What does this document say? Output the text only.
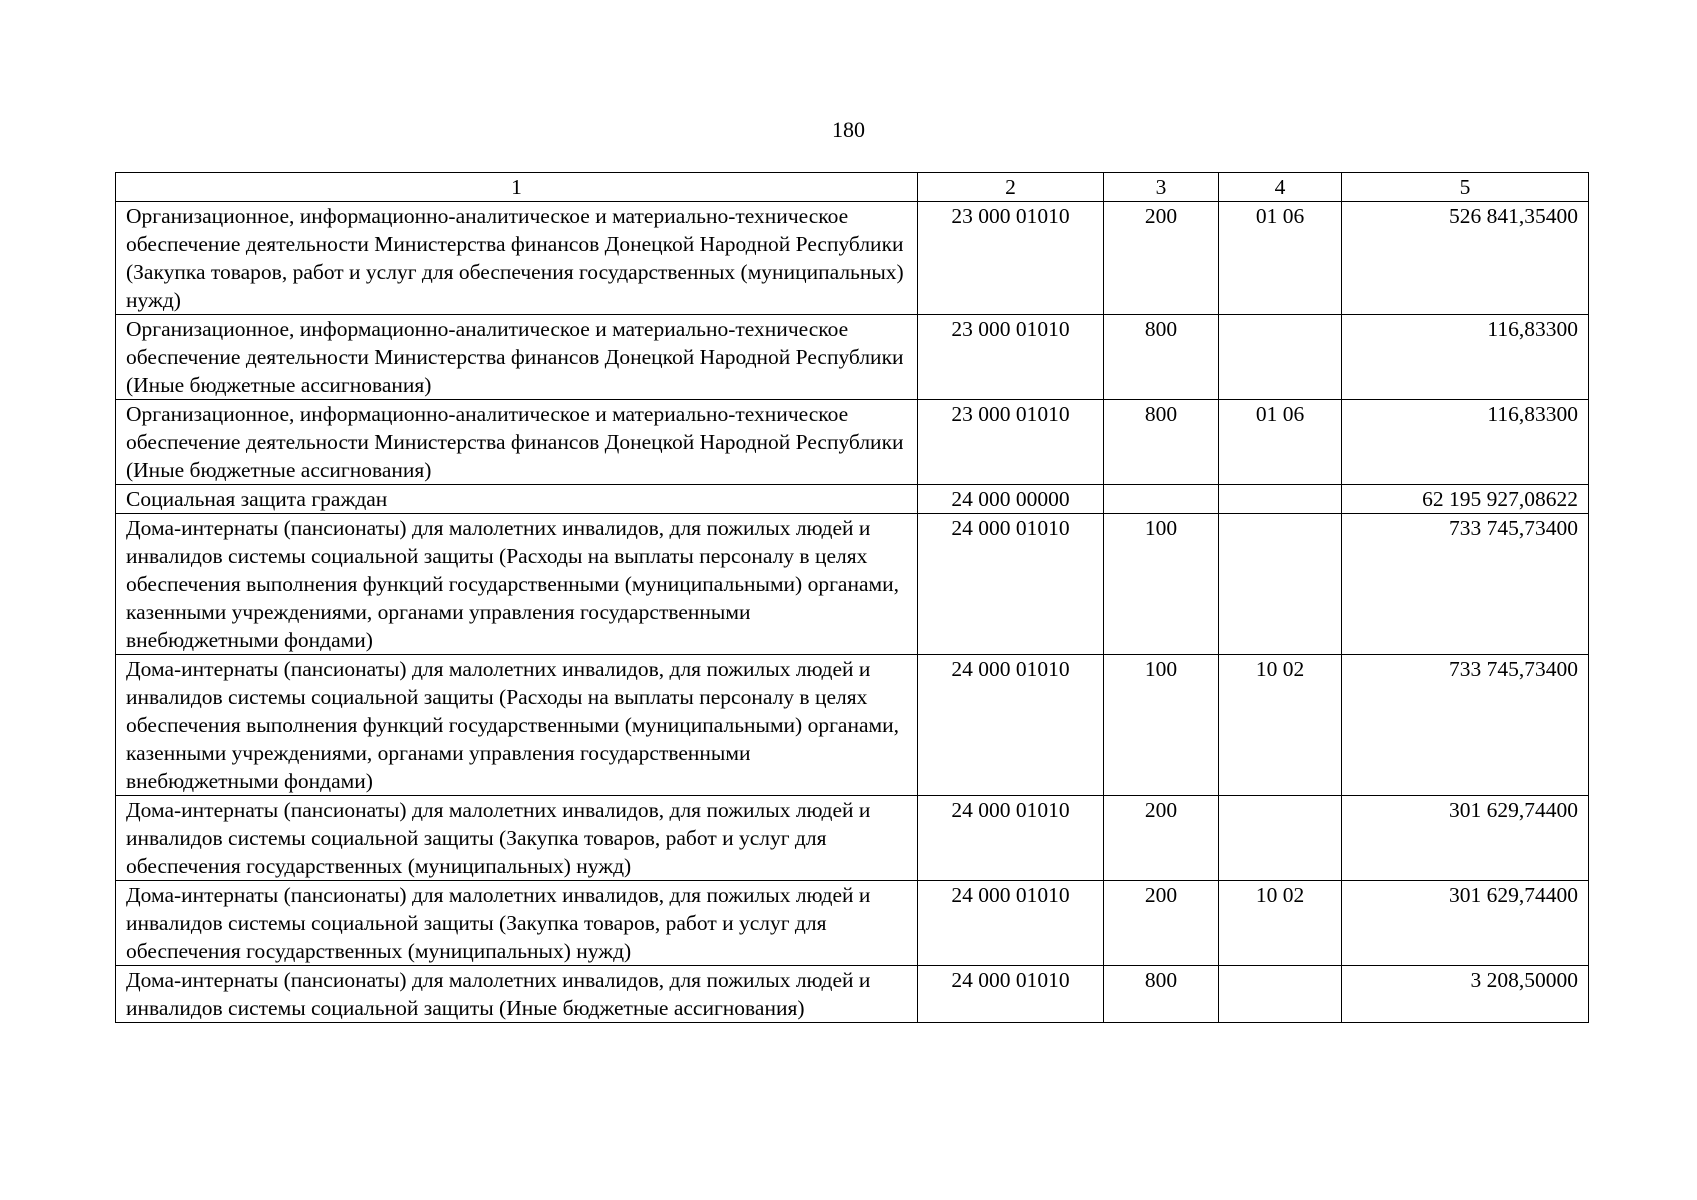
180
1	2	3	4	5
Организационное, информационно-аналитическое и материально-техническое обеспечение деятельности Министерства финансов Донецкой Народной Республики (Закупка товаров, работ и услуг для обеспечения государственных (муниципальных) нужд)	23 000 01010	200	01 06	526 841,35400
Организационное, информационно-аналитическое и материально-техническое обеспечение деятельности Министерства финансов Донецкой Народной Республики (Иные бюджетные ассигнования)	23 000 01010	800		116,83300
Организационное, информационно-аналитическое и материально-техническое обеспечение деятельности Министерства финансов Донецкой Народной Республики (Иные бюджетные ассигнования)	23 000 01010	800	01 06	116,83300
Социальная защита граждан	24 000 00000			62 195 927,08622
Дома-интернаты (пансионаты) для малолетних инвалидов, для пожилых людей и инвалидов системы социальной защиты (Расходы на выплаты персоналу в целях обеспечения выполнения функций государственными (муниципальными) органами, казенными учреждениями, органами управления государственными внебюджетными фондами)	24 000 01010	100		733 745,73400
Дома-интернаты (пансионаты) для малолетних инвалидов, для пожилых людей и инвалидов системы социальной защиты (Расходы на выплаты персоналу в целях обеспечения выполнения функций государственными (муниципальными) органами, казенными учреждениями, органами управления государственными внебюджетными фондами)	24 000 01010	100	10 02	733 745,73400
Дома-интернаты (пансионаты) для малолетних инвалидов, для пожилых людей и инвалидов системы социальной защиты (Закупка товаров, работ и услуг для обеспечения государственных (муниципальных) нужд)	24 000 01010	200		301 629,74400
Дома-интернаты (пансионаты) для малолетних инвалидов, для пожилых людей и инвалидов системы социальной защиты (Закупка товаров, работ и услуг для обеспечения государственных (муниципальных) нужд)	24 000 01010	200	10 02	301 629,74400
Дома-интернаты (пансионаты) для малолетних инвалидов, для пожилых людей и инвалидов системы социальной защиты (Иные бюджетные ассигнования)	24 000 01010	800		3 208,50000
